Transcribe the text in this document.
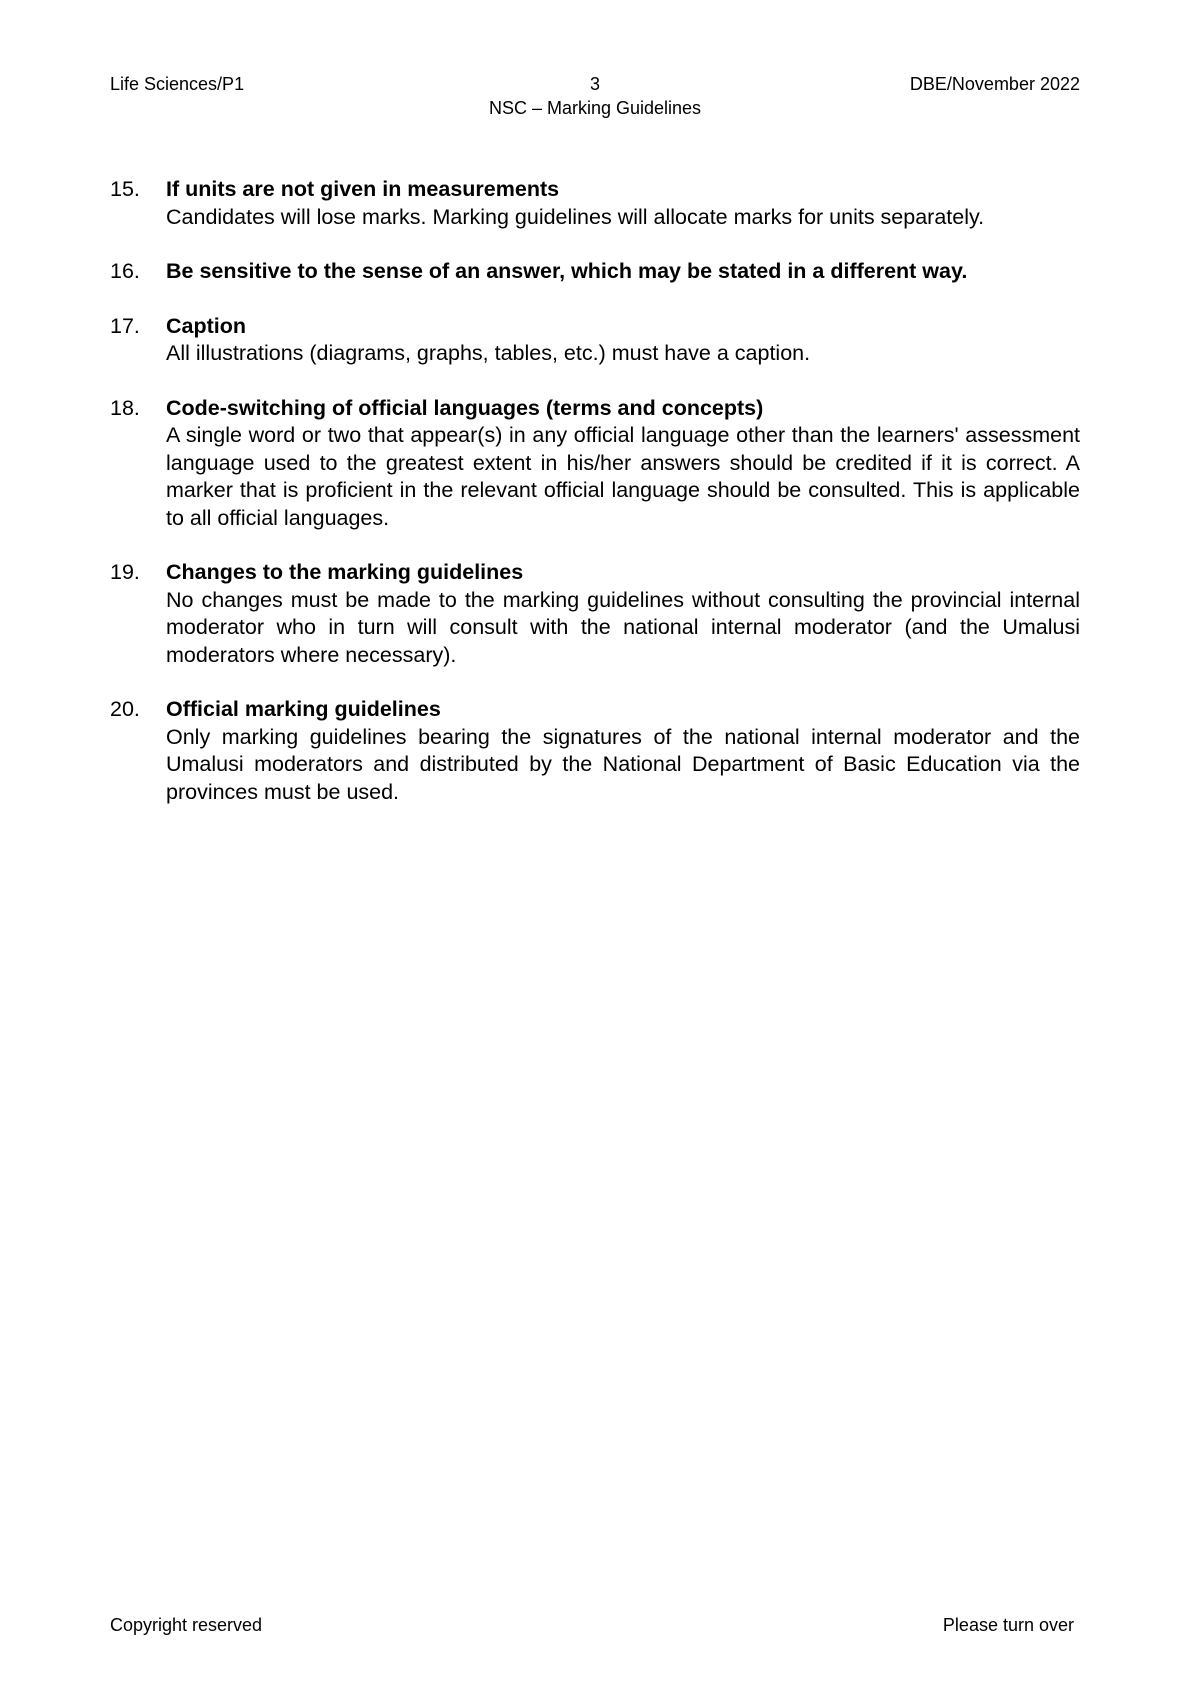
Life Sciences/P1	3
NSC – Marking Guidelines
DBE/November 2022
15. If units are not given in measurements
Candidates will lose marks. Marking guidelines will allocate marks for units separately.
16. Be sensitive to the sense of an answer, which may be stated in a different way.
17. Caption
All illustrations (diagrams, graphs, tables, etc.) must have a caption.
18. Code-switching of official languages (terms and concepts)
A single word or two that appear(s) in any official language other than the learners' assessment language used to the greatest extent in his/her answers should be credited if it is correct. A marker that is proficient in the relevant official language should be consulted. This is applicable to all official languages.
19. Changes to the marking guidelines
No changes must be made to the marking guidelines without consulting the provincial internal moderator who in turn will consult with the national internal moderator (and the Umalusi moderators where necessary).
20. Official marking guidelines
Only marking guidelines bearing the signatures of the national internal moderator and the Umalusi moderators and distributed by the National Department of Basic Education via the provinces must be used.
Copyright reserved	Please turn over
